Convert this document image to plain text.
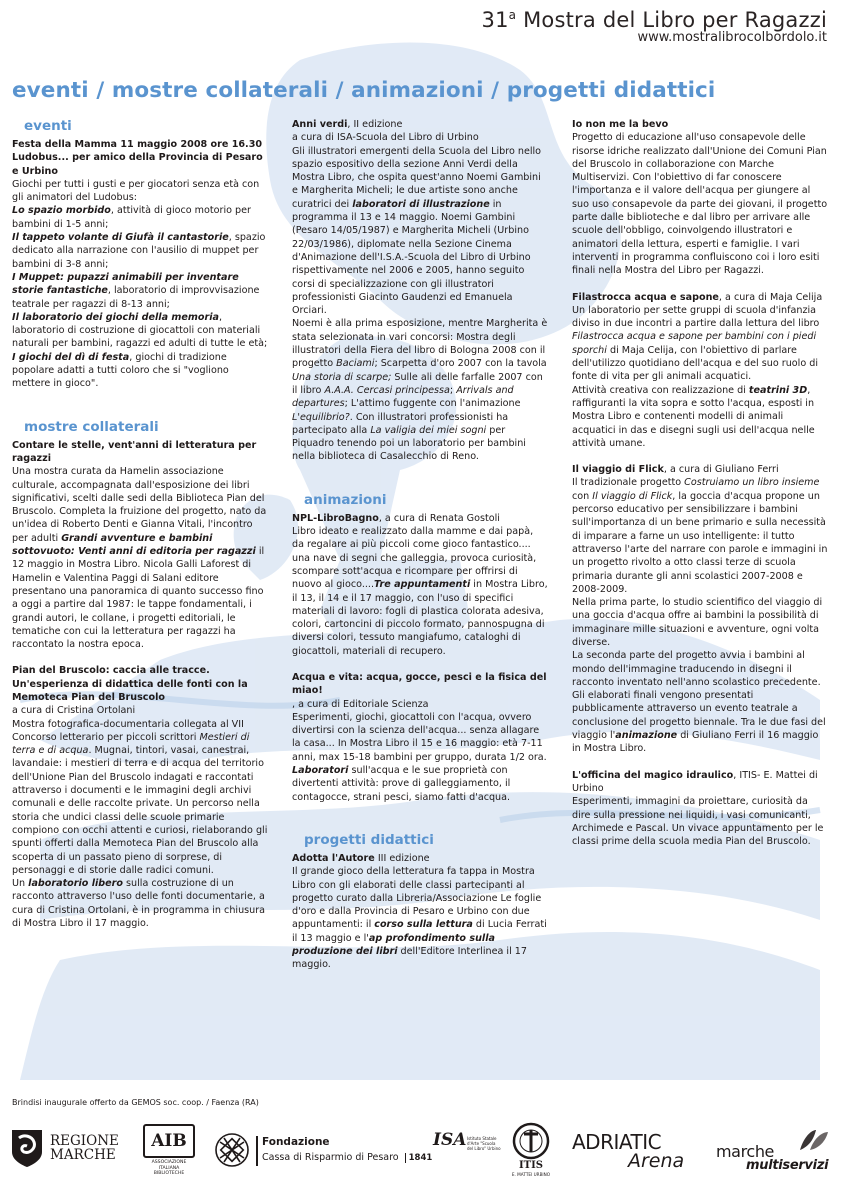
31$^a$ Mostra del Libro per Ragazzi
www.mostralibrocolbordolo.it
eventi / mostre collaterali / animazioni / progetti didattici
eventi

Festa della Mamma 11 maggio 2008 ore 16.30

Ludobus... per amico della Provincia di Pesaro e Urbino

Giochi per tutti i gusti e per giocatori senza età con gli animatori del Ludobus:

Lo spazio morbido, attività di gioco motorio per bambini di 1-5 anni;

Il tappeto volante di Giufà il cantastorie, spazio dedicato alla narrazione con l'ausilio di muppet per bambini di 3-8 anni;

I Muppet: pupazzi animabili per inventare storie fantastiche, laboratorio di improvvisazione teatrale per ragazzi di 8-13 anni;

Il laboratorio dei giochi della memoria, laboratorio di costruzione di giocattoli con materiali naturali per bambini, ragazzi ed adulti di tutte le età;

I giochi del dì di festa, giochi di tradizione popolare adatti a tutti coloro che si "vogliono mettere in gioco".

mostre collaterali

Contare le stelle, vent'anni di letteratura per ragazzi

Una mostra curata da Hamelin associazione culturale, accompagnata dall'esposizione dei libri significativi, scelti dalle sedi della Biblioteca Pian del Bruscolo. Completa la fruizione del progetto, nato da un'idea di Roberto Denti e Gianna Vitali, l'incontro per adulti Grandi avventure e bambini sottovuoto: Venti anni di editoria per ragazzi il 12 maggio in Mostra Libro. Nicola Galli Laforest di Hamelin e Valentina Paggi di Salani editore presentano una panoramica di quanto successo fino a oggi a partire dal 1987: le tappe fondamentali, i grandi autori, le collane, i progetti editoriali, le tematiche con cui la letteratura per ragazzi ha raccontato la nostra epoca.

Pian del Bruscolo: caccia alle tracce. Un'esperienza di didattica delle fonti con la Memoteca Pian del Bruscolo

a cura di Cristina Ortolani

Mostra fotografica-documentaria collegata al VII Concorso letterario per piccoli scrittori Mestieri di terra e di acqua. Mugnai, tintori, vasai, canestrai, lavandaie: i mestieri di terra e di acqua del territorio dell'Unione Pian del Bruscolo indagati e raccontati attraverso i documenti e le immagini degli archivi comunali e delle raccolte private. Un percorso nella storia che undici classi delle scuole primarie compiono con occhi attenti e curiosi, rielaborando gli spunti offerti dalla Memoteca Pian del Bruscolo alla scoperta di un passato pieno di sorprese, di personaggi e di storie dalle radici comuni.

Un laboratorio libero sulla costruzione di un racconto attraverso l'uso delle fonti documentarie, a cura di Cristina Ortolani, è in programma in chiusura di Mostra Libro il 17 maggio.

Anni verdi, II edizione

a cura di ISA-Scuola del Libro di Urbino

Gli illustratori emergenti della Scuola del Libro nello spazio espositivo della sezione Anni Verdi della Mostra Libro, che ospita quest'anno Noemi Gambini e Margherita Micheli; le due artiste sono anche curatrici dei laboratori di illustrazione in programma il 13 e 14 maggio. Noemi Gambini (Pesaro 14/05/1987) e Margherita Micheli (Urbino 22/03/1986), diplomate nella Sezione Cinema d'Animazione dell'I.S.A.-Scuola del Libro di Urbino rispettivamente nel 2006 e 2005, hanno seguito corsi di specializzazione con gli illustratori professionisti Giacinto Gaudenzi ed Emanuela Orciari.

Noemi è alla prima esposizione, mentre Margherita è stata selezionata in vari concorsi: Mostra degli illustratori della Fiera del libro di Bologna 2008 con il progetto Baciami; Scarpetta d'oro 2007 con la tavola Una storia di scarpe; Sulle ali delle farfalle 2007 con il libro A.A.A. Cercasi principessa; Arrivals and departures; L'attimo fuggente con l'animazione L'equilibrio?. Con illustratori professionisti ha partecipato alla La valigia dei miei sogni per Piquadro tenendo poi un laboratorio per bambini nella biblioteca di Casalecchio di Reno.

animazioni

NPL-LibroBagno, a cura di Renata Gostoli

Libro ideato e realizzato dalla mamme e dai papà, da regalare ai più piccoli come gioco fantastico.... una nave di segni che galleggia, provoca curiosità, scompare sott'acqua e ricompare per offrirsi di nuovo al gioco....Tre appuntamenti in Mostra Libro, il 13, il 14 e il 17 maggio, con l'uso di specifici materiali di lavoro: fogli di plastica colorata adesiva, colori, cartoncini di piccolo formato, pannospugna di diversi colori, tessuto mangiafumo, cataloghi di giocattoli, materiali di recupero.

Acqua e vita: acqua, gocce, pesci e la fisica del miao!

, a cura di Editoriale Scienza

Esperimenti, giochi, giocattoli con l'acqua, ovvero divertirsi con la scienza dell'acqua... senza allagare la casa... In Mostra Libro il 15 e 16 maggio: età 7-11 anni, max 15-18 bambini per gruppo, durata 1/2 ora. Laboratori sull'acqua e le sue proprietà con divertenti attività: prove di galleggiamento, il contagocce, strani pesci, siamo fatti d'acqua.

progetti didattici

Adotta l'Autore III edizione

Il grande gioco della letteratura fa tappa in Mostra Libro con gli elaborati delle classi partecipanti al progetto curato dalla Libreria/Associazione Le foglie d'oro e dalla Provincia di Pesaro e Urbino con due appuntamenti: il corso sulla lettura di Lucia Ferrati il 13 maggio e l'ap profondimento sulla produzione dei libri dell'Editore Interlinea il 17 maggio.

Io non me la bevo

Progetto di educazione all'uso consapevole delle risorse idriche realizzato dall'Unione dei Comuni Pian del Bruscolo in collaborazione con Marche Multiservizi. Con l'obiettivo di far conoscere l'importanza e il valore dell'acqua per giungere al suo uso consapevole da parte dei giovani, il progetto parte dalle biblioteche e dal libro per arrivare alle scuole dell'obbligo, coinvolgendo illustratori e animatori della lettura, esperti e famiglie. I vari interventi in programma confluiscono coi i loro esiti finali nella Mostra del Libro per Ragazzi.

Filastrocca acqua e sapone, a cura di Maja Celija

Un laboratorio per sette gruppi di scuola d'infanzia diviso in due incontri a partire dalla lettura del libro Filastrocca acqua e sapone per bambini con i piedi sporchi di Maja Celija, con l'obiettivo di parlare dell'utilizzo quotidiano dell'acqua e del suo ruolo di fonte di vita per gli animali acquatici.

Attività creativa con realizzazione di teatrini 3D, raffiguranti la vita sopra e sotto l'acqua, esposti in Mostra Libro e contenenti modelli di animali acquatici in das e disegni sugli usi dell'acqua nelle attività umane.

Il viaggio di Flick, a cura di Giuliano Ferri

Il tradizionale progetto Costruiamo un libro insieme con Il viaggio di Flick, la goccia d'acqua propone un percorso educativo per sensibilizzare i bambini sull'importanza di un bene primario e sulla necessità di imparare a farne un uso intelligente: il tutto attraverso l'arte del narrare con parole e immagini in un progetto rivolto a otto classi terze di scuola primaria durante gli anni scolastici 2007-2008 e 2008-2009.

Nella prima parte, lo studio scientifico del viaggio di una goccia d'acqua offre ai bambini la possibilità di immaginare mille situazioni e avventure, ogni volta diverse.

La seconda parte del progetto avvia i bambini al mondo dell'immagine traducendo in disegni il racconto inventato nell'anno scolastico precedente.

Gli elaborati finali vengono presentati pubblicamente attraverso un evento teatrale a conclusione del progetto biennale. Tra le due fasi del viaggio l'animazione di Giuliano Ferri il 16 maggio in Mostra Libro.

L'officina del magico idraulico, ITIS- E. Mattei di Urbino

Esperimenti, immagini da proiettare, curiosità da dire sulla pressione nei liquidi, i vasi comunicanti, Archimede e Pascal. Un vivace appuntamento per le classi prime della scuola media Pian del Bruscolo.

Brindisi inaugurale offerto da GEMOS soc. coop. / Faenza (RA)
REGIONE
MARCHE
AIB
ASSOCIAZIONE ITALIANA BIBLIOTECHE
Fondazione
Cassa di Risparmio di Pesaro 1841
ISA Istituto Statale d'Arte "Scuola del Libro" Urbino
ITIS
E. MATTEI URBINO
ADRIATIC
Arena marche
multiservizi
